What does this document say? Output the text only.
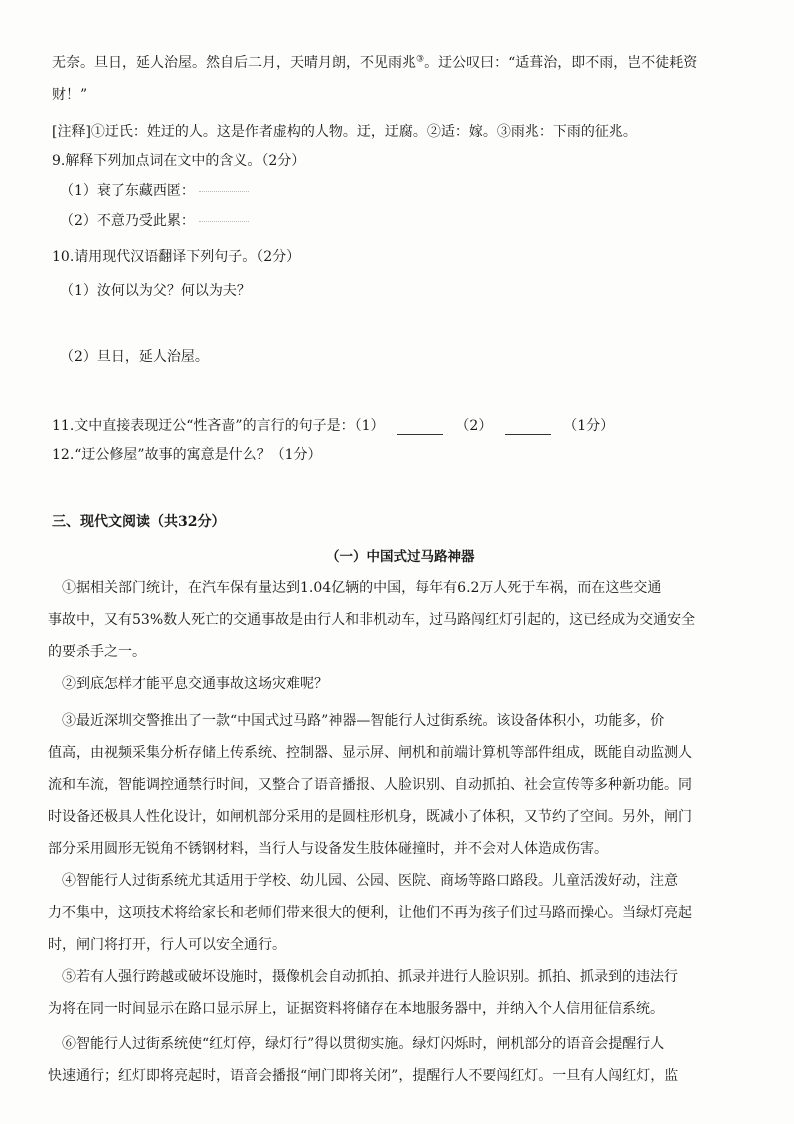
无奈。旦日，延人治屋。然自后二月，天晴月朗，不见雨兆③。迂公叹曰：“适葺治，即不雨，岂不徒耗资
财！”
[注释]①迂氏：姓迂的人。这是作者虚构的人物。迂，迂腐。②适：嫁。③雨兆：下雨的征兆。
9.解释下列加点词在文中的含义。（2分）
（1）衰了东藏西匿：
（2）不意乃受此累：
10.请用现代汉语翻译下列句子。（2分）
（1）汝何以为父？何以为夫？
（2）旦日，延人治屋。
11.文中直接表现迂公“性吝啬”的言行的句子是：（1）	（2）	（1分）
12.“迂公修屋”故事的寓意是什么？（1分）
三、现代文阅读（共32分）
（一）中国式过马路神器
①据相关部门统计，在汽车保有量达到1.04亿辆的中国，每年有6.2万人死于车祸，而在这些交通
事故中，又有53%数人死亡的交通事故是由行人和非机动车，过马路闯红灯引起的，这已经成为交通安全
的要杀手之一。
②到底怎样才能平息交通事故这场灾难呢？
③最近深圳交警推出了一款“中国式过马路”神器—智能行人过街系统。该设备体积小，功能多，价
值高，由视频采集分析存储上传系统、控制器、显示屏、闸机和前端计算机等部件组成，既能自动监测人
流和车流，智能调控通禁行时间，又整合了语音播报、人脸识别、自动抓拍、社会宣传等多种新功能。同
时设备还极具人性化设计，如闸机部分采用的是圆柱形机身，既减小了体积，又节约了空间。另外，闸门
部分采用圆形无锐角不锈钢材料，当行人与设备发生肢体碰撞时，并不会对人体造成伤害。
④智能行人过街系统尤其适用于学校、幼儿园、公园、医院、商场等路口路段。儿童活泼好动，注意
力不集中，这项技术将给家长和老师们带来很大的便利，让他们不再为孩子们过马路而操心。当绿灯亮起
时，闸门将打开，行人可以安全通行。
⑤若有人强行跨越或破坏设施时，摄像机会自动抓拍、抓录并进行人脸识别。抓拍、抓录到的违法行
为将在同一时间显示在路口显示屏上，证据资料将储存在本地服务器中，并纳入个人信用征信系统。
⑥智能行人过街系统使“红灯停，绿灯行”得以贯彻实施。绿灯闪烁时，闸机部分的语音会提醒行人
快速通行；红灯即将亮起时，语音会播报“闸门即将关闭”，提醒行人不要闯红灯。一旦有人闯红灯，监
